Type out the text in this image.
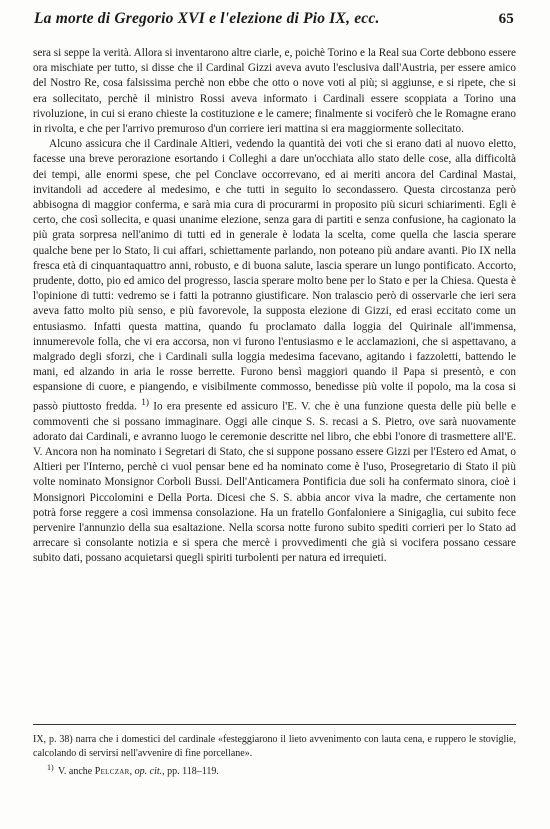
La morte di Gregorio XVI e l'elezione di Pio IX, ecc.	65

sera si seppe la verità. Allora si inventarono altre ciarle, e, poichè Torino e la Real sua Corte debbono essere ora mischiate per tutto, si disse che il Cardinal Gizzi aveva avuto l'esclusiva dall'Austria, per essere amico del Nostro Re, cosa falsissima perchè non ebbe che otto o nove voti al più; si aggiunse, e si ripete, che si era sollecitato, perchè il ministro Rossi aveva informato i Cardinali essere scoppiata a Torino una rivoluzione, in cui si erano chieste la costituzione e le camere; finalmente si vociferò che le Romagne erano in rivolta, e che per l'arrivo premuroso d'un corriere ieri mattina si era maggiormente sollecitato.

Alcuno assicura che il Cardinale Altieri, vedendo la quantità dei voti che si erano dati al nuovo eletto, facesse una breve perorazione esortando i Colleghi a dare un'occhiata allo stato delle cose, alla difficoltà dei tempi, alle enormi spese, che pel Conclave occorrevano, ed ai meriti ancora del Cardinal Mastai, invitandoli ad accedere al medesimo, e che tutti in seguito lo secondassero. Questa circostanza però abbisogna di maggior conferma, e sarà mia cura di procurarmi in proposito più sicuri schiarimenti. Egli è certo, che così sollecita, e quasi unanime elezione, senza gara di partiti e senza confusione, ha cagionato la più grata sorpresa nell'animo di tutti ed in generale è lodata la scelta, come quella che lascia sperare qualche bene per lo Stato, li cui affari, schiettamente parlando, non poteano più andare avanti. Pio IX nella fresca età di cinquantaquattro anni, robusto, e di buona salute, lascia sperare un lungo pontificato. Accorto, prudente, dotto, pio ed amico del progresso, lascia sperare molto bene per lo Stato e per la Chiesa. Questa è l'opinione di tutti: vedremo se i fatti la potranno giustificare. Non tralascio però di osservarle che ieri sera aveva fatto molto più senso, e più favorevole, la supposta elezione di Gizzi, ed erasi eccitato come un entusiasmo. Infatti questa mattina, quando fu proclamato dalla loggia del Quirinale all'immensa, innumerevole folla, che vi era accorsa, non vi furono l'entusiasmo e le acclamazioni, che si aspettavano, a malgrado degli sforzi, che i Cardinali sulla loggia medesima facevano, agitando i fazzoletti, battendo le mani, ed alzando in aria le rosse berrette. Furono bensì maggiori quando il Papa si presentò, e con espansione di cuore, e piangendo, e visibilmente commosso, benedisse più volte il popolo, ma la cosa si passò piuttosto fredda. $^{1)}$ Io era presente ed assicuro l'E. V. che è una funzione questa delle più belle e commoventi che si possano immaginare. Oggi alle cinque S. S. recasi a S. Pietro, ove sarà nuovamente adorato dai Cardinali, e avranno luogo le ceremonie descritte nel libro, che ebbi l'onore di trasmettere all'E. V. Ancora non ha nominato i Segretari di Stato, che si suppone possano essere Gizzi per l'Estero ed Amat, o Altieri per l'Interno, perchè ci vuol pensar bene ed ha nominato come è l'uso, Prosegretario di Stato il più volte nominato Monsignor Corboli Bussi. Dell'Anticamera Pontificia due soli ha confermato sinora, cioè i Monsignori Piccolomini e Della Porta. Dicesi che S. S. abbia ancor viva la madre, che certamente non potrà forse reggere a così immensa consolazione. Ha un fratello Gonfaloniere a Sinigaglia, cui subito fece pervenire l'annunzio della sua esaltazione. Nella scorsa notte furono subito spediti corrieri per lo Stato ad arrecare sì consolante notizia e si spera che mercè i provvedimenti che già si vocifera possano cessare subito dati, possano acquietarsi quegli spiriti turbolenti per natura ed irrequieti.

IX, p. 38) narra che i domestici del cardinale «festeggiarono il lieto avvenimento con lauta cena, e ruppero le stoviglie, calcolando di servirsi nell'avvenire di fine porcellane».

$^{1)}$ V. anche Pelczar, op. cit., pp. 118–119.
